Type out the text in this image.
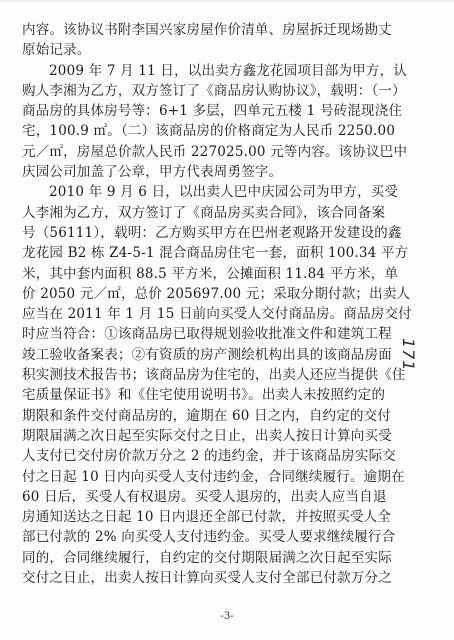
内容。该协议书附李国兴家房屋作价清单、房屋拆迁现场勘丈
原始记录。
2009 年 7 月 11 日，以出卖方鑫龙花园项目部为甲方，认
购人李湘为乙方，双方签订了《商品房认购协议》，载明：（一）
商品房的具体房号等：6+1 多层，四单元五楼 1 号砖混现浇住
宅，100.9 ㎡。（二）该商品房的价格商定为人民币 2250.00
元／㎡，房屋总价款人民币 227025.00 元等内容。该协议巴中
庆园公司加盖了公章，甲方代表周勇签字。
2010 年 9 月 6 日，以出卖人巴中庆园公司为甲方，买受
人李湘为乙方，双方签订了《商品房买卖合同》，该合同备案
号（56111），载明：乙方购买甲方在巴州老观路开发建设的鑫
龙花园 B2 栋 Z4-5-1 混合商品房住宅一套，面积 100.34 平方
米，其中套内面积 88.5 平方米，公摊面积 11.84 平方米，单
价 2050 元／㎡，总价 205697.00 元；采取分期付款；出卖人
应当在 2011 年 1 月 15 日前向买受人交付商品房。商品房交付
时应当符合：①该商品房已取得规划验收批准文件和建筑工程
竣工验收备案表；②有资质的房产测绘机构出具的该商品房面
积实测技术报告书；该商品房为住宅的，出卖人还应当提供《住
宅质量保证书》和《住宅使用说明书》。出卖人未按照约定的
期限和条件交付商品房的，逾期在 60 日之内，自约定的交付
期限届满之次日起至实际交付之日止，出卖人按日计算向买受
人支付已交付房价款万分之 2 的违约金，并于该商品房实际交
付之日起 10 日内向买受人支付违约金，合同继续履行。逾期在
60 日后，买受人有权退房。买受人退房的，出卖人应当自退
房通知送达之日起 10 日内退还全部已付款，并按照买受人全
部已付款的 2% 向买受人支付违约金。买受人要求继续履行合
同的，合同继续履行，自约定的交付期限届满之次日起至实际
交付之日止，出卖人按日计算向买受人支付全部已付款万分之
171
-3-
